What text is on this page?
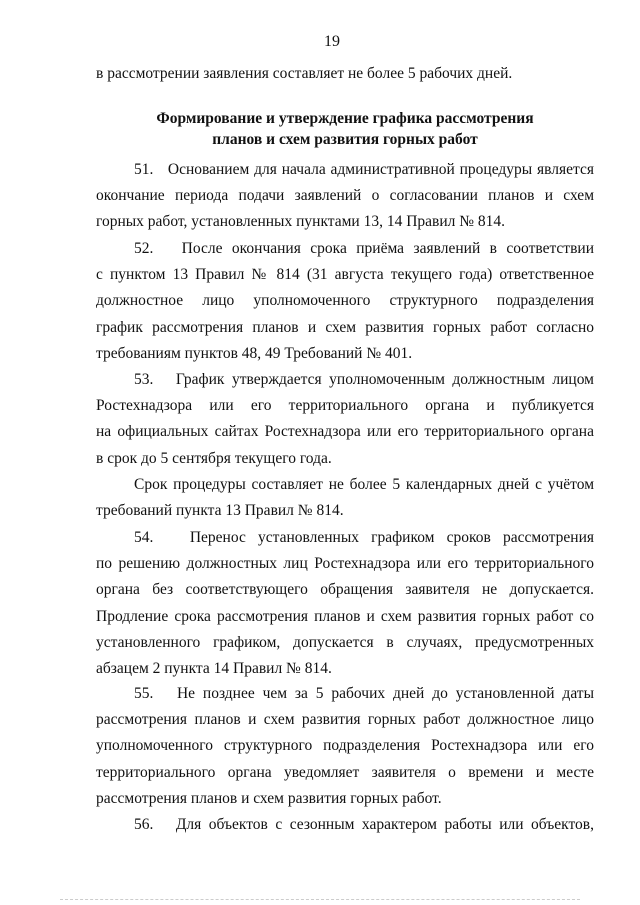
19
в рассмотрении заявления составляет не более 5 рабочих дней.
Формирование и утверждение графика рассмотрения
планов и схем развития горных работ
51.   Основанием для начала административной процедуры является
окончание периода подачи заявлений о согласовании планов и схем
горных работ, установленных пунктами 13, 14 Правил № 814.
52.   После окончания срока приёма заявлений в соответствии
с пунктом 13 Правил № 814 (31 августа текущего года) ответственное
должностное лицо уполномоченного структурного подразделения
график рассмотрения планов и схем развития горных работ согласно
требованиям пунктов 48, 49 Требований № 401.
53.   График утверждается уполномоченным должностным лицом
Ростехнадзора или его территориального органа и публикуется
на официальных сайтах Ростехнадзора или его территориального органа
в срок до 5 сентября текущего года.
Срок процедуры составляет не более 5 календарных дней с учётом
требований пункта 13 Правил № 814.
54.   Перенос установленных графиком сроков рассмотрения
по решению должностных лиц Ростехнадзора или его территориального
органа без соответствующего обращения заявителя не допускается.
Продление срока рассмотрения планов и схем развития горных работ со
установленного графиком, допускается в случаях, предусмотренных
абзацем 2 пункта 14 Правил № 814.
55.   Не позднее чем за 5 рабочих дней до установленной даты
рассмотрения планов и схем развития горных работ должностное лицо
уполномоченного структурного подразделения Ростехнадзора или его
территориального органа уведомляет заявителя о времени и месте
рассмотрения планов и схем развития горных работ.
56.   Для объектов с сезонным характером работы или объектов,
